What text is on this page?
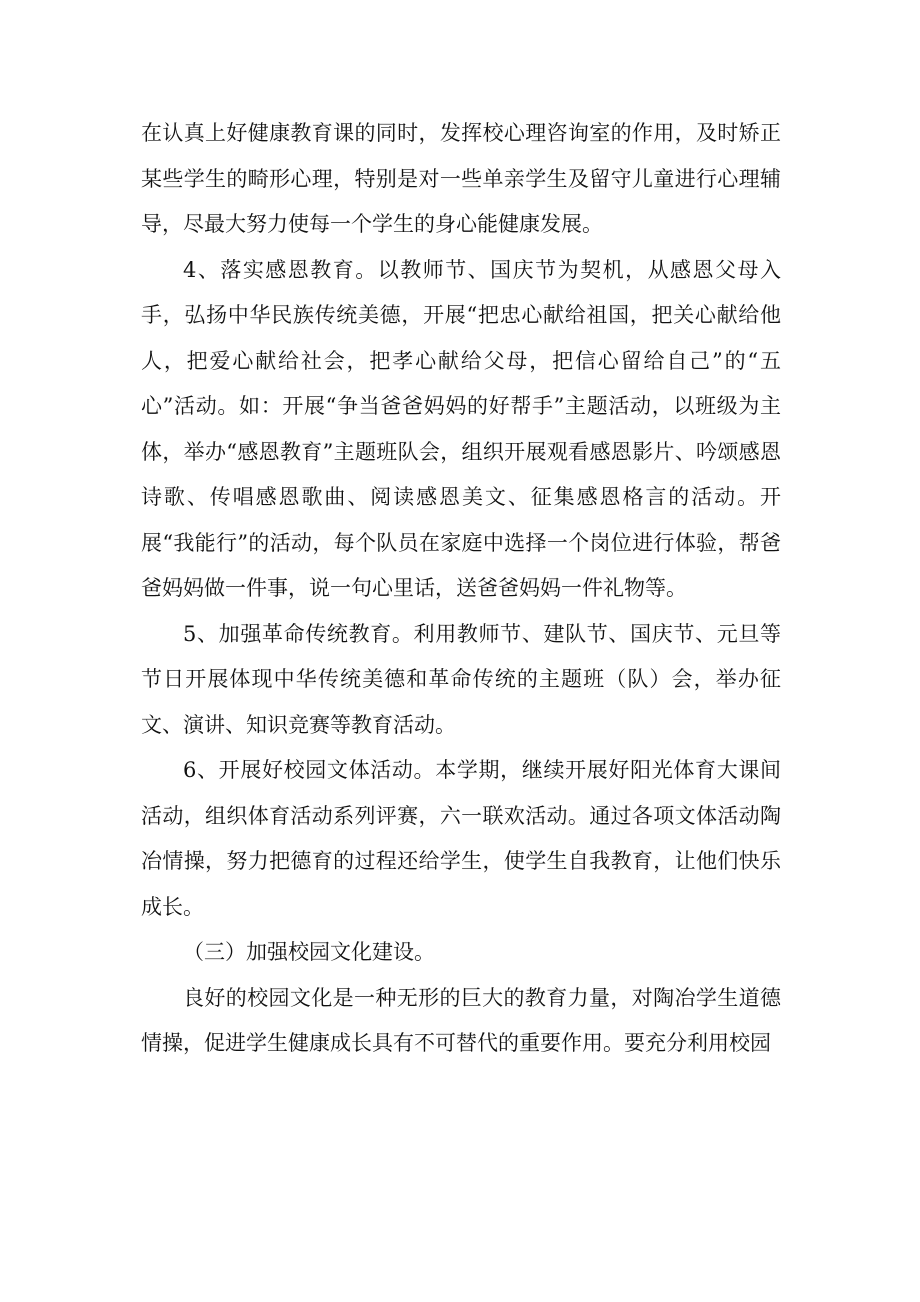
在认真上好健康教育课的同时，发挥校心理咨询室的作用，及时矫正某些学生的畸形心理，特别是对一些单亲学生及留守儿童进行心理辅导，尽最大努力使每一个学生的身心能健康发展。

4、落实感恩教育。以教师节、国庆节为契机，从感恩父母入手，弘扬中华民族传统美德，开展“把忠心献给祖国，把关心献给他人，把爱心献给社会，把孝心献给父母，把信心留给自己”的“五心”活动。如：开展“争当爸爸妈妈的好帮手”主题活动，以班级为主体，举办“感恩教育”主题班队会，组织开展观看感恩影片、吟颂感恩诗歌、传唱感恩歌曲、阅读感恩美文、征集感恩格言的活动。开展“我能行”的活动，每个队员在家庭中选择一个岗位进行体验，帮爸爸妈妈做一件事，说一句心里话，送爸爸妈妈一件礼物等。

5、加强革命传统教育。利用教师节、建队节、国庆节、元旦等节日开展体现中华传统美德和革命传统的主题班（队）会，举办征文、演讲、知识竞赛等教育活动。

6、开展好校园文体活动。本学期，继续开展好阳光体育大课间活动，组织体育活动系列评赛，六一联欢活动。通过各项文体活动陶冶情操，努力把德育的过程还给学生，使学生自我教育，让他们快乐成长。

（三）加强校园文化建设。

良好的校园文化是一种无形的巨大的教育力量，对陶冶学生道德情操，促进学生健康成长具有不可替代的重要作用。要充分利用校园
